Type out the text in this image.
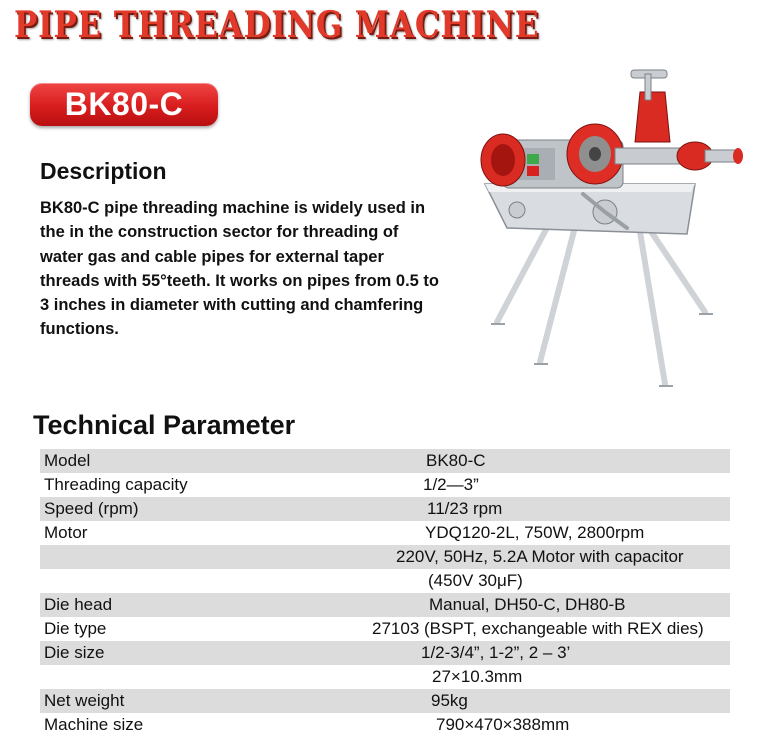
PIPE THREADING MACHINE
BK80-C
Description
BK80-C pipe threading machine is widely used in the in the construction sector for threading of water gas and cable pipes for external taper threads with 55°teeth. It works on pipes from 0.5 to 3 inches in diameter with cutting and chamfering functions.
Technical Parameter
Model	BK80-C
Threading capacity	1/2—3”
Speed (rpm)	11/23 rpm
Motor	YDQ120-2L, 750W, 2800rpm
220V, 50Hz, 5.2A Motor with capacitor
(450V 30μF)
Die head	Manual, DH50-C, DH80-B
Die type	27103 (BSPT, exchangeable with REX dies)
Die size	1/2-3/4”, 1-2”, 2 – 3’
27×10.3mm
Net weight	95kg
Machine size	790×470×388mm
